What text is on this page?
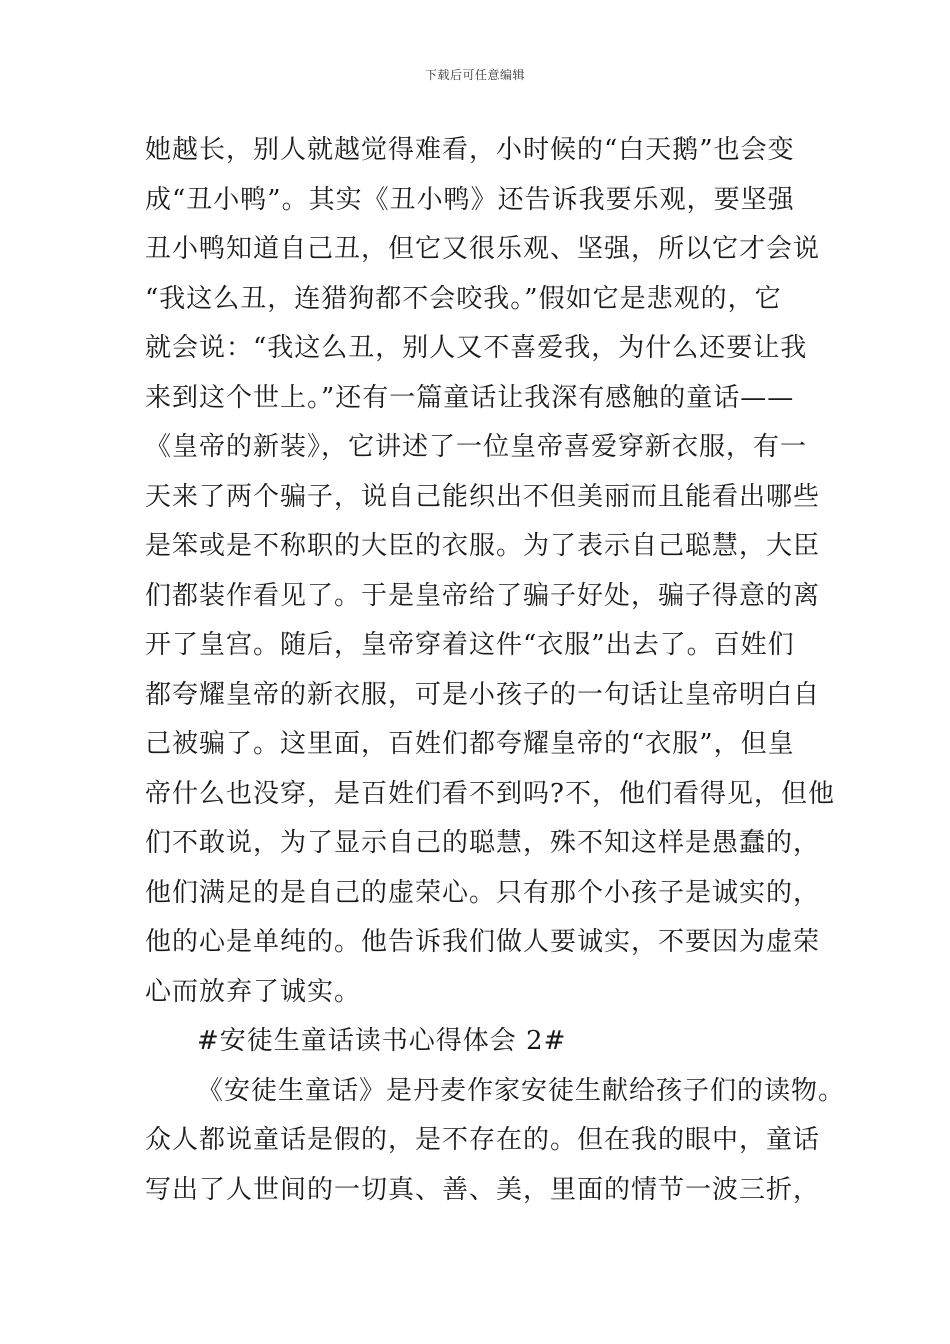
下载后可任意编辑
她越长，别人就越觉得难看，小时候的“白天鹅”也会变
成“丑小鸭”。其实《丑小鸭》还告诉我要乐观，要坚强
丑小鸭知道自己丑，但它又很乐观、坚强，所以它才会说
“我这么丑，连猎狗都不会咬我。”假如它是悲观的，它
就会说：“我这么丑，别人又不喜爱我，为什么还要让我
来到这个世上。”还有一篇童话让我深有感触的童话——
《皇帝的新装》，它讲述了一位皇帝喜爱穿新衣服，有一
天来了两个骗子，说自己能织出不但美丽而且能看出哪些
是笨或是不称职的大臣的衣服。为了表示自己聪慧，大臣
们都装作看见了。于是皇帝给了骗子好处，骗子得意的离
开了皇宫。随后，皇帝穿着这件“衣服”出去了。百姓们
都夸耀皇帝的新衣服，可是小孩子的一句话让皇帝明白自
己被骗了。这里面，百姓们都夸耀皇帝的“衣服”，但皇
帝什么也没穿，是百姓们看不到吗?不，他们看得见，但他
们不敢说，为了显示自己的聪慧，殊不知这样是愚蠢的，
他们满足的是自己的虚荣心。只有那个小孩子是诚实的，
他的心是单纯的。他告诉我们做人要诚实，不要因为虚荣
心而放弃了诚实。
#安徒生童话读书心得体会 2#
《安徒生童话》是丹麦作家安徒生献给孩子们的读物。
众人都说童话是假的，是不存在的。但在我的眼中，童话
写出了人世间的一切真、善、美，里面的情节一波三折，
